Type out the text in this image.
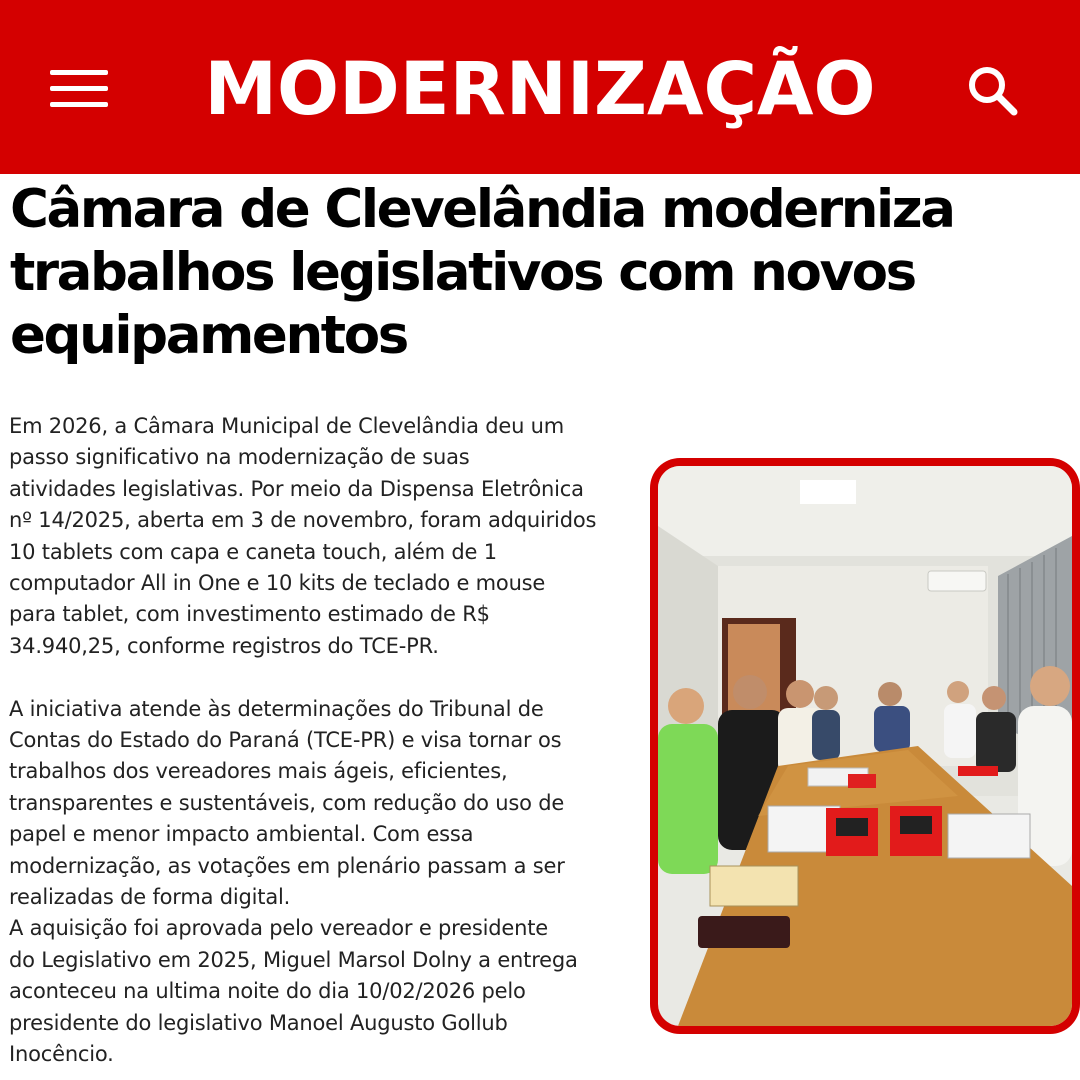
MODERNIZAÇÃO
Câmara de Clevelândia moderniza trabalhos legislativos com novos equipamentos

Em 2026, a Câmara Municipal de Clevelândia deu um
passo significativo na modernização de suas
atividades legislativas. Por meio da Dispensa Eletrônica
nº 14/2025, aberta em 3 de novembro, foram adquiridos
10 tablets com capa e caneta touch, além de 1
computador All in One e 10 kits de teclado e mouse
para tablet, com investimento estimado de R$
34.940,25, conforme registros do TCE-PR.

A iniciativa atende às determinações do Tribunal de
Contas do Estado do Paraná (TCE-PR) e visa tornar os
trabalhos dos vereadores mais ágeis, eficientes,
transparentes e sustentáveis, com redução do uso de
papel e menor impacto ambiental. Com essa
modernização, as votações em plenário passam a ser
realizadas de forma digital.

A aquisição foi aprovada pelo vereador e presidente
do Legislativo em 2025, Miguel Marsol Dolny a entrega
aconteceu na ultima noite do dia 10/02/2026 pelo
presidente do legislativo Manoel Augusto Gollub
Inocêncio.
